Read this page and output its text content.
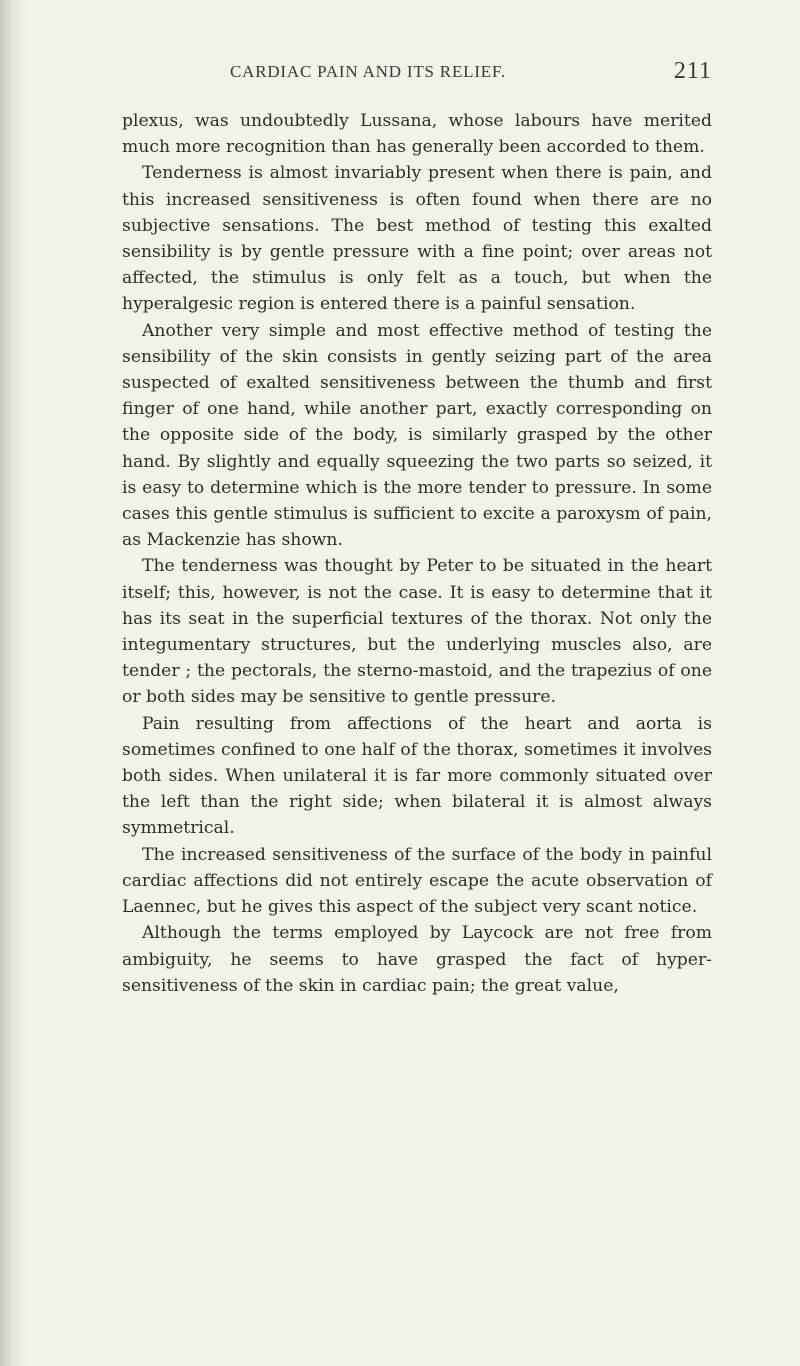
CARDIAC PAIN AND ITS RELIEF.	211

plexus, was undoubtedly Lussana, whose labours have merited much more recognition than has generally been accorded to them.

Tenderness is almost invariably present when there is pain, and this increased sensitiveness is often found when there are no subjective sensations. The best method of testing this exalted sensibility is by gentle pressure with a fine point; over areas not affected, the stimulus is only felt as a touch, but when the hyperalgesic region is entered there is a painful sensation.

Another very simple and most effective method of testing the sensibility of the skin consists in gently seizing part of the area suspected of exalted sensitiveness between the thumb and first finger of one hand, while another part, exactly corresponding on the opposite side of the body, is similarly grasped by the other hand. By slightly and equally squeezing the two parts so seized, it is easy to determine which is the more tender to pressure. In some cases this gentle stimulus is sufficient to excite a paroxysm of pain, as Mackenzie has shown.

The tenderness was thought by Peter to be situated in the heart itself; this, however, is not the case. It is easy to determine that it has its seat in the superficial textures of the thorax. Not only the integumentary structures, but the underlying muscles also, are tender ; the pectorals, the sterno-mastoid, and the trapezius of one or both sides may be sensitive to gentle pressure.

Pain resulting from affections of the heart and aorta is sometimes confined to one half of the thorax, sometimes it involves both sides. When unilateral it is far more commonly situated over the left than the right side; when bilateral it is almost always symmetrical.

The increased sensitiveness of the surface of the body in painful cardiac affections did not entirely escape the acute observation of Laennec, but he gives this aspect of the subject very scant notice.

Although the terms employed by Laycock are not free from ambiguity, he seems to have grasped the fact of hyper-sensitiveness of the skin in cardiac pain; the great value,
